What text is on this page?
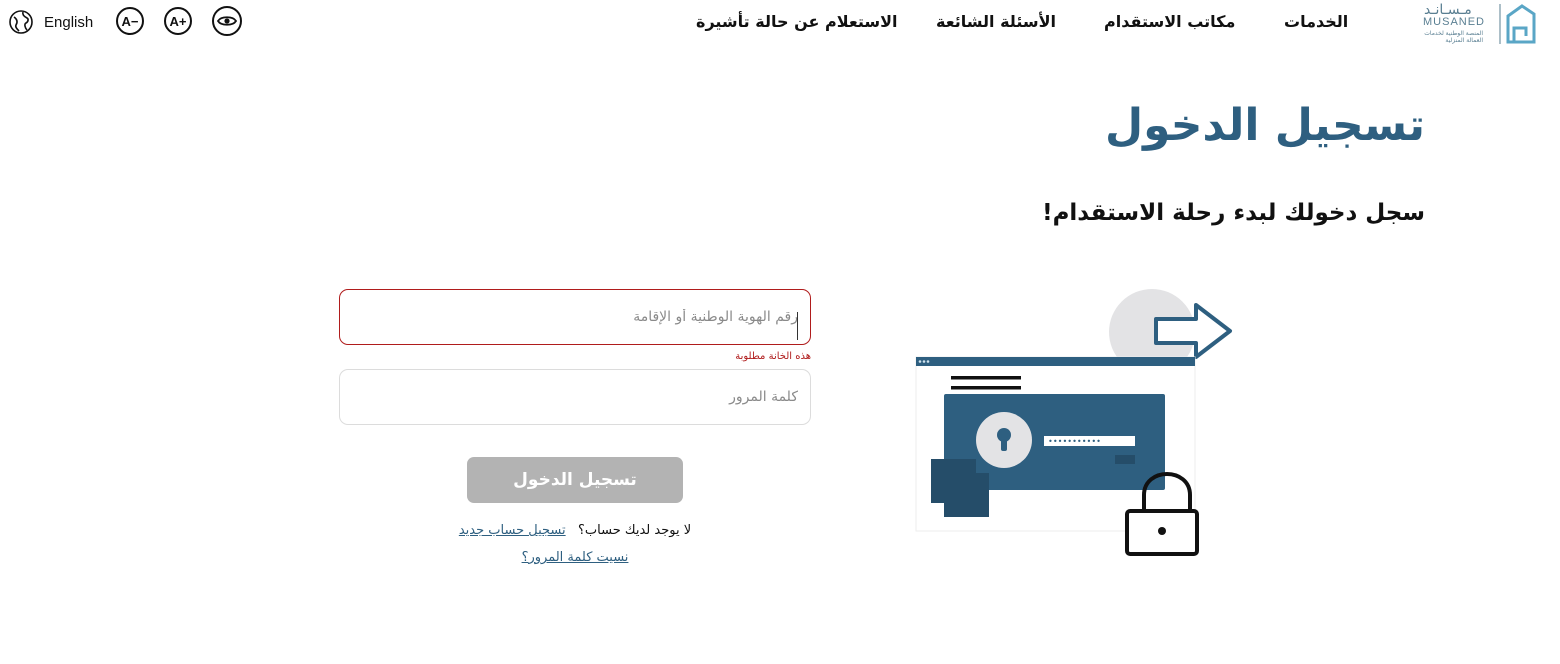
مـسـانـد
MUSANED
المنصة الوطنية لخدمات العمالة المنزلية
الخدمات
مكاتب الاستقدام
الأسئلة الشائعة
الاستعلام عن حالة تأشيرة
English A− A+
تسجيل الدخول
سجل دخولك لبدء رحلة الاستقدام!
رقم الهوية الوطنية أو الإقامة
هذه الخانة مطلوبة
تسجيل الدخول
لا يوجد لديك حساب؟   تسجيل حساب جديد
نسيت كلمة المرور؟
•••••••••••
